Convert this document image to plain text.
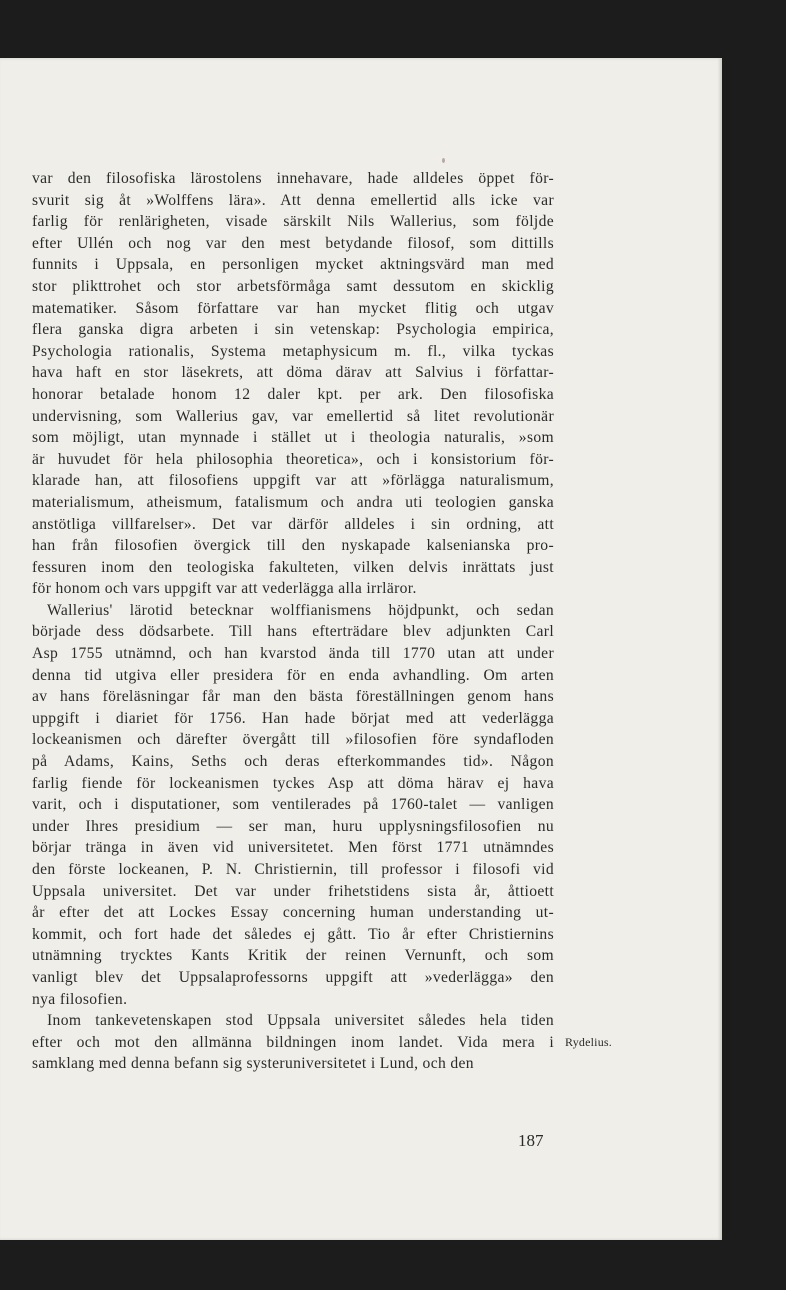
var den filosofiska lärostolens innehavare, hade alldeles öppet för-
svurit sig åt »Wolffens lära». Att denna emellertid alls icke var
farlig för renlärigheten, visade särskilt Nils Wallerius, som följde
efter Ullén och nog var den mest betydande filosof, som dittills
funnits i Uppsala, en personligen mycket aktningsvärd man med
stor plikttrohet och stor arbetsförmåga samt dessutom en skicklig
matematiker. Såsom författare var han mycket flitig och utgav
flera ganska digra arbeten i sin vetenskap: Psychologia empirica,
Psychologia rationalis, Systema metaphysicum m. fl., vilka tyckas
hava haft en stor läsekrets, att döma därav att Salvius i författar-
honorar betalade honom 12 daler kpt. per ark. Den filosofiska
undervisning, som Wallerius gav, var emellertid så litet revolutionär
som möjligt, utan mynnade i stället ut i theologia naturalis, »som
är huvudet för hela philosophia theoretica», och i konsistorium för-
klarade han, att filosofiens uppgift var att »förlägga naturalismum,
materialismum, atheismum, fatalismum och andra uti teologien ganska
anstötliga villfarelser». Det var därför alldeles i sin ordning, att
han från filosofien övergick till den nyskapade kalsenianska pro-
fessuren inom den teologiska fakulteten, vilken delvis inrättats just
för honom och vars uppgift var att vederlägga alla irrläror.
Wallerius' lärotid betecknar wolffianismens höjdpunkt, och sedan
började dess dödsarbete. Till hans efterträdare blev adjunkten Carl
Asp 1755 utnämnd, och han kvarstod ända till 1770 utan att under
denna tid utgiva eller presidera för en enda avhandling. Om arten
av hans föreläsningar får man den bästa föreställningen genom hans
uppgift i diariet för 1756. Han hade börjat med att vederlägga
lockeanismen och därefter övergått till »filosofien före syndafloden
på Adams, Kains, Seths och deras efterkommandes tid». Någon
farlig fiende för lockeanismen tyckes Asp att döma härav ej hava
varit, och i disputationer, som ventilerades på 1760-talet — vanligen
under Ihres presidium — ser man, huru upplysningsfilosofien nu
börjar tränga in även vid universitetet. Men först 1771 utnämndes
den förste lockeanen, P. N. Christiernin, till professor i filosofi vid
Uppsala universitet. Det var under frihetstidens sista år, åttioett
år efter det att Lockes Essay concerning human understanding ut-
kommit, och fort hade det således ej gått. Tio år efter Christiernins
utnämning trycktes Kants Kritik der reinen Vernunft, och som
vanligt blev det Uppsalaprofessorns uppgift att »vederlägga» den
nya filosofien.
Inom tankevetenskapen stod Uppsala universitet således hela tiden
efter och mot den allmänna bildningen inom landet. Vida mera i
samklang med denna befann sig systeruniversitetet i Lund, och den
Rydelius.
187
